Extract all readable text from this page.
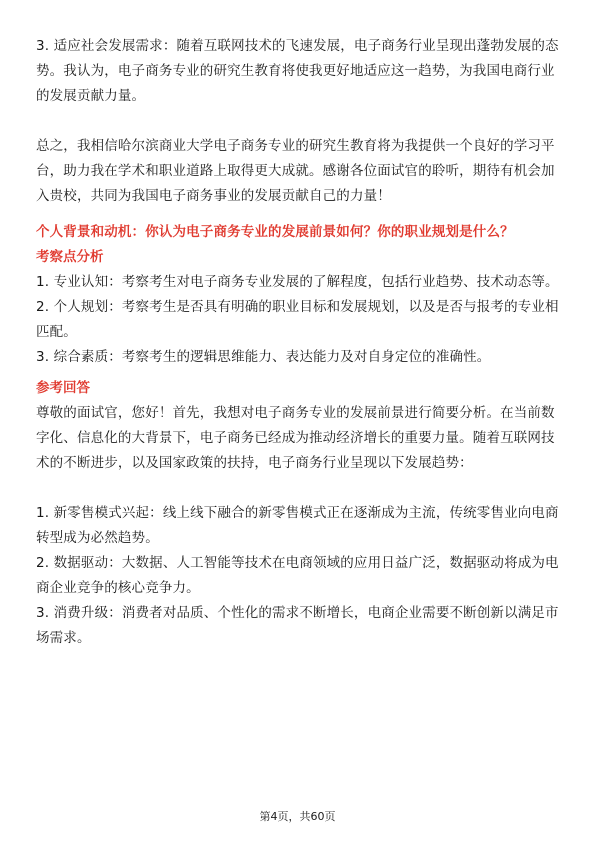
3. 适应社会发展需求：随着互联网技术的飞速发展，电子商务行业呈现出蓬勃发展的态势。我认为，电子商务专业的研究生教育将使我更好地适应这一趋势，为我国电商行业的发展贡献力量。

总之，我相信哈尔滨商业大学电子商务专业的研究生教育将为我提供一个良好的学习平台，助力我在学术和职业道路上取得更大成就。感谢各位面试官的聆听，期待有机会加入贵校，共同为我国电子商务事业的发展贡献自己的力量！

个人背景和动机：你认为电子商务专业的发展前景如何？你的职业规划是什么？

考察点分析

1. 专业认知：考察考生对电子商务专业发展的了解程度，包括行业趋势、技术动态等。

2. 个人规划：考察考生是否具有明确的职业目标和发展规划，以及是否与报考的专业相匹配。

3. 综合素质：考察考生的逻辑思维能力、表达能力及对自身定位的准确性。

参考回答

尊敬的面试官，您好！首先，我想对电子商务专业的发展前景进行简要分析。在当前数字化、信息化的大背景下，电子商务已经成为推动经济增长的重要力量。随着互联网技术的不断进步，以及国家政策的扶持，电子商务行业呈现以下发展趋势：

1. 新零售模式兴起：线上线下融合的新零售模式正在逐渐成为主流，传统零售业向电商转型成为必然趋势。

2. 数据驱动：大数据、人工智能等技术在电商领域的应用日益广泛，数据驱动将成为电商企业竞争的核心竞争力。

3. 消费升级：消费者对品质、个性化的需求不断增长，电商企业需要不断创新以满足市场需求。

第4页，共60页
